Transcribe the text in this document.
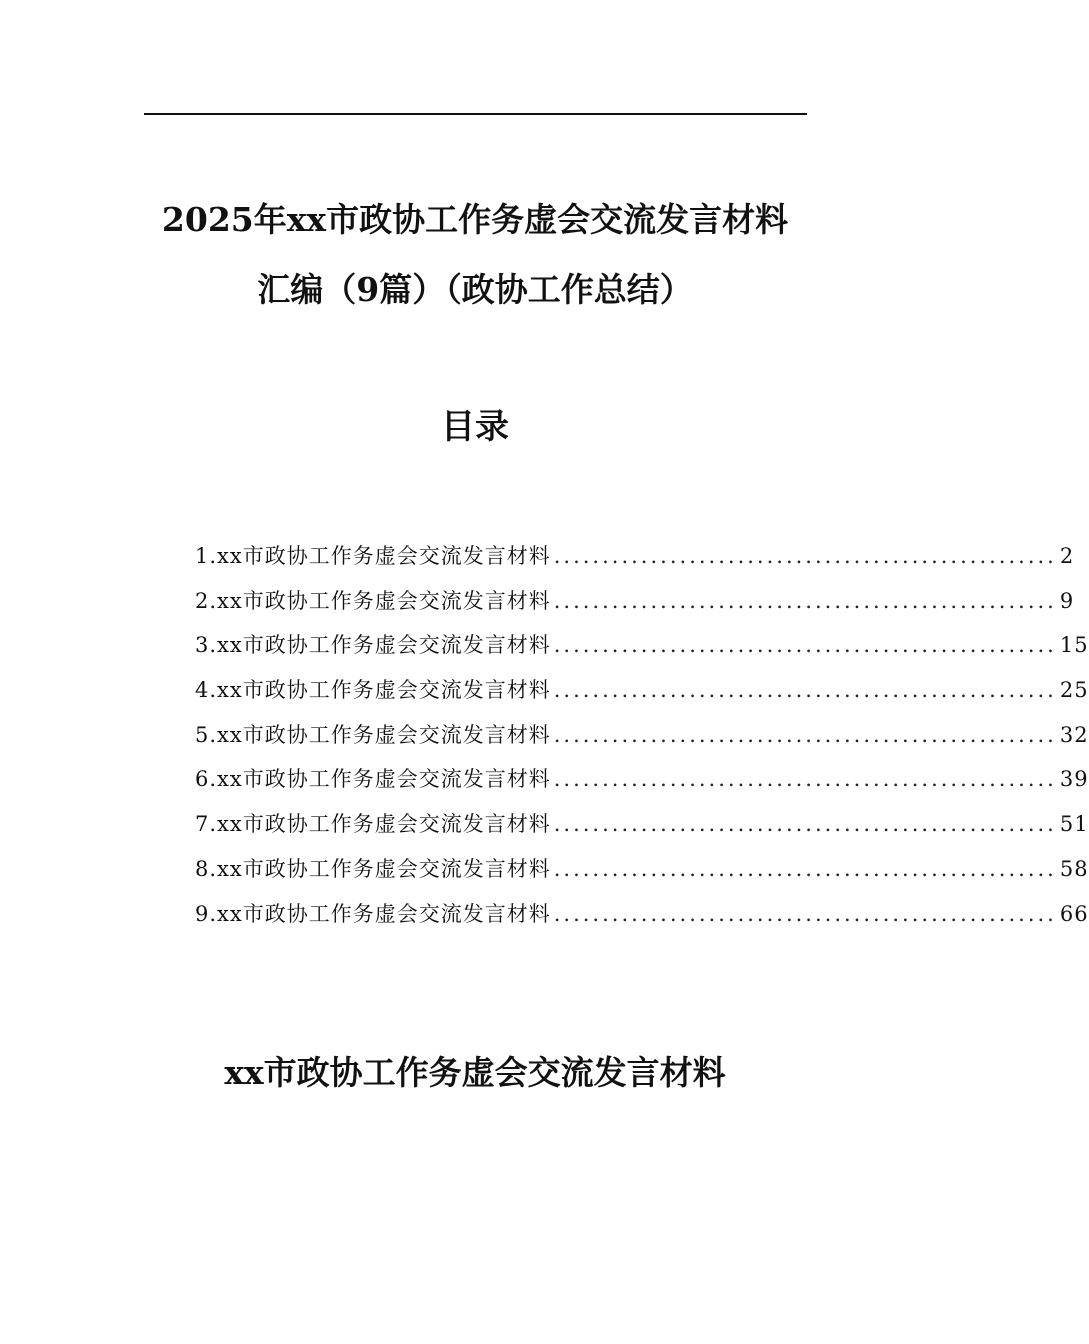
2025年xx市政协工作务虚会交流发言材料
汇编（9篇）（政协工作总结）
目录
1.xx市政协工作务虚会交流发言材料 .................................................... 2
2.xx市政协工作务虚会交流发言材料 .................................................... 9
3.xx市政协工作务虚会交流发言材料 .................................................... 15
4.xx市政协工作务虚会交流发言材料 .................................................... 25
5.xx市政协工作务虚会交流发言材料 .................................................... 32
6.xx市政协工作务虚会交流发言材料 .................................................... 39
7.xx市政协工作务虚会交流发言材料 .................................................... 51
8.xx市政协工作务虚会交流发言材料 .................................................... 58
9.xx市政协工作务虚会交流发言材料 .................................................... 66
xx市政协工作务虚会交流发言材料
